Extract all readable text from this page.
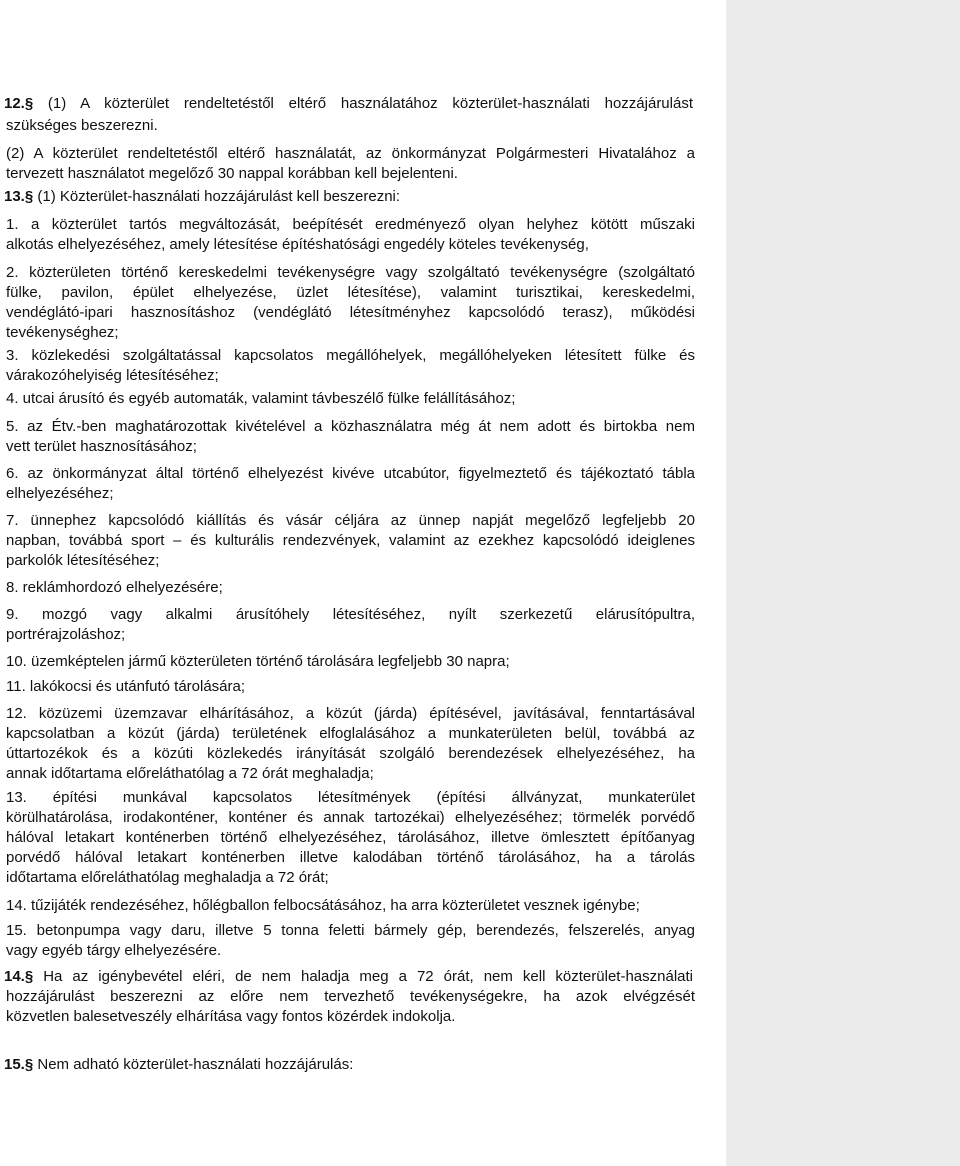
12.§ (1) A közterület rendeltetéstől eltérő használatához közterület-használati hozzájárulást
szükséges beszerezni.
(2) A közterület rendeltetéstől eltérő használatát, az önkormányzat Polgármesteri Hivatalához a
tervezett használatot megelőző 30 nappal korábban kell bejelenteni.
13.§ (1) Közterület-használati hozzájárulást kell beszerezni:
1. a közterület tartós megváltozását, beépítését eredményező olyan helyhez kötött műszaki
alkotás elhelyezéséhez, amely létesítése építéshatósági engedély köteles tevékenység,
2. közterületen történő kereskedelmi tevékenységre vagy szolgáltató tevékenységre (szolgáltató
fülke, pavilon, épület elhelyezése, üzlet létesítése), valamint turisztikai, kereskedelmi,
vendéglátó-ipari hasznosításhoz (vendéglátó létesítményhez kapcsolódó terasz), működési
tevékenységhez;
3. közlekedési szolgáltatással kapcsolatos megállóhelyek, megállóhelyeken létesített fülke és
várakozóhelyiség létesítéséhez;
4. utcai árusító és egyéb automaták, valamint távbeszélő fülke felállításához;
5. az Étv.-ben maghatározottak kivételével a közhasználatra még át nem adott és birtokba nem
vett terület hasznosításához;
6. az önkormányzat által történő elhelyezést kivéve utcabútor, figyelmeztető és tájékoztató tábla
elhelyezéséhez;
7. ünnephez kapcsolódó kiállítás és vásár céljára az ünnep napját megelőző legfeljebb 20
napban, továbbá sport – és kulturális rendezvények, valamint az ezekhez kapcsolódó ideiglenes
parkolók létesítéséhez;
8. reklámhordozó elhelyezésére;
9. mozgó vagy alkalmi árusítóhely létesítéséhez, nyílt szerkezetű elárusítópultra,
portrérajzoláshoz;
10. üzemképtelen jármű közterületen történő tárolására legfeljebb 30 napra;
11. lakókocsi és utánfutó tárolására;
12. közüzemi üzemzavar elhárításához, a közút (járda) építésével, javításával, fenntartásával
kapcsolatban a közút (járda) területének elfoglalásához a munkaterületen belül, továbbá az
úttartozékok és a közúti közlekedés irányítását szolgáló berendezések elhelyezéséhez, ha
annak időtartama előreláthatólag a 72 órát meghaladja;
13. építési munkával kapcsolatos létesítmények (építési állványzat, munkaterület
körülhatárolása, irodakonténer, konténer és annak tartozékai) elhelyezéséhez; törmelék porvédő
hálóval letakart konténerben történő elhelyezéséhez, tárolásához, illetve ömlesztett építőanyag
porvédő hálóval letakart konténerben illetve kalodában történő tárolásához, ha a tárolás
időtartama előreláthatólag meghaladja a 72 órát;
14. tűzijáték rendezéséhez, hőlégballon felbocsátásához, ha arra közterületet vesznek igénybe;
15. betonpumpa vagy daru, illetve 5 tonna feletti bármely gép, berendezés, felszerelés, anyag
vagy egyéb tárgy elhelyezésére.
14.§ Ha az igénybevétel eléri, de nem haladja meg a 72 órát, nem kell közterület-használati
hozzájárulást beszerezni az előre nem tervezhető tevékenységekre, ha azok elvégzését
közvetlen balesetveszély elhárítása vagy fontos közérdek indokolja.
15.§ Nem adható közterület-használati hozzájárulás:
